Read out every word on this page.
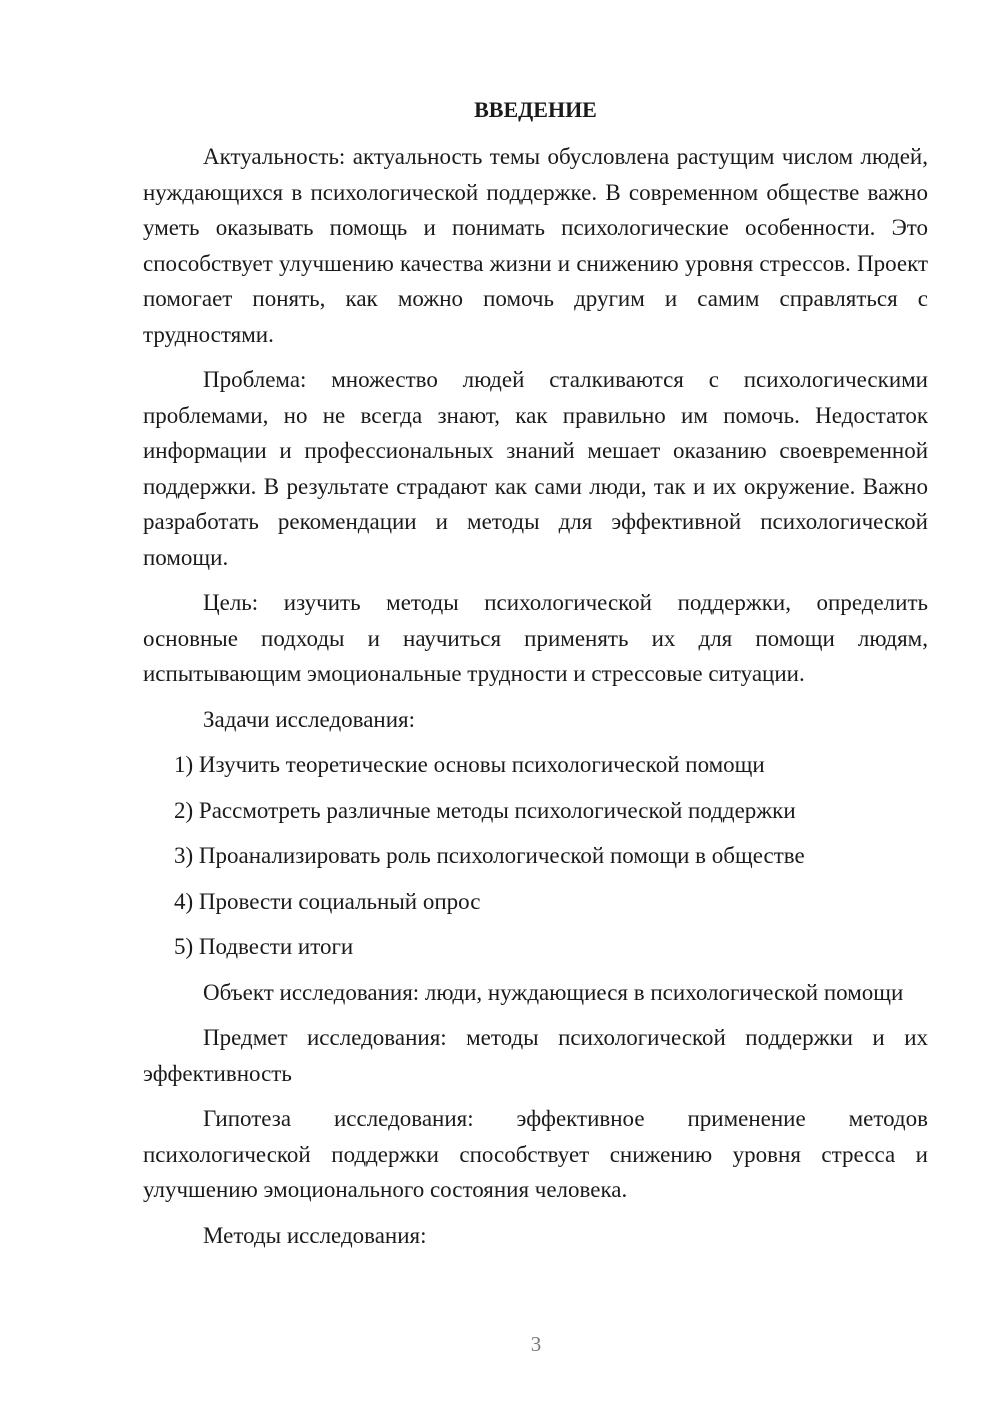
ВВЕДЕНИЕ

Актуальность: актуальность темы обусловлена растущим числом людей, нуждающихся в психологической поддержке. В современном обществе важно уметь оказывать помощь и понимать психологические особенности. Это способствует улучшению качества жизни и снижению уровня стрессов. Проект помогает понять, как можно помочь другим и самим справляться с трудностями.

Проблема: множество людей сталкиваются с психологическими проблемами, но не всегда знают, как правильно им помочь. Недостаток информации и профессиональных знаний мешает оказанию своевременной поддержки. В результате страдают как сами люди, так и их окружение. Важно разработать рекомендации и методы для эффективной психологической помощи.

Цель: изучить методы психологической поддержки, определить основные подходы и научиться применять их для помощи людям, испытывающим эмоциональные трудности и стрессовые ситуации.

Задачи исследования:

1) Изучить теоретические основы психологической помощи
2) Рассмотреть различные методы психологической поддержки
3) Проанализировать роль психологической помощи в обществе
4) Провести социальный опрос
5) Подвести итоги

Объект исследования: люди, нуждающиеся в психологической помощи

Предмет исследования: методы психологической поддержки и их эффективность

Гипотеза исследования: эффективное применение методов психологической поддержки способствует снижению уровня стресса и улучшению эмоционального состояния человека.

Методы исследования:

3
